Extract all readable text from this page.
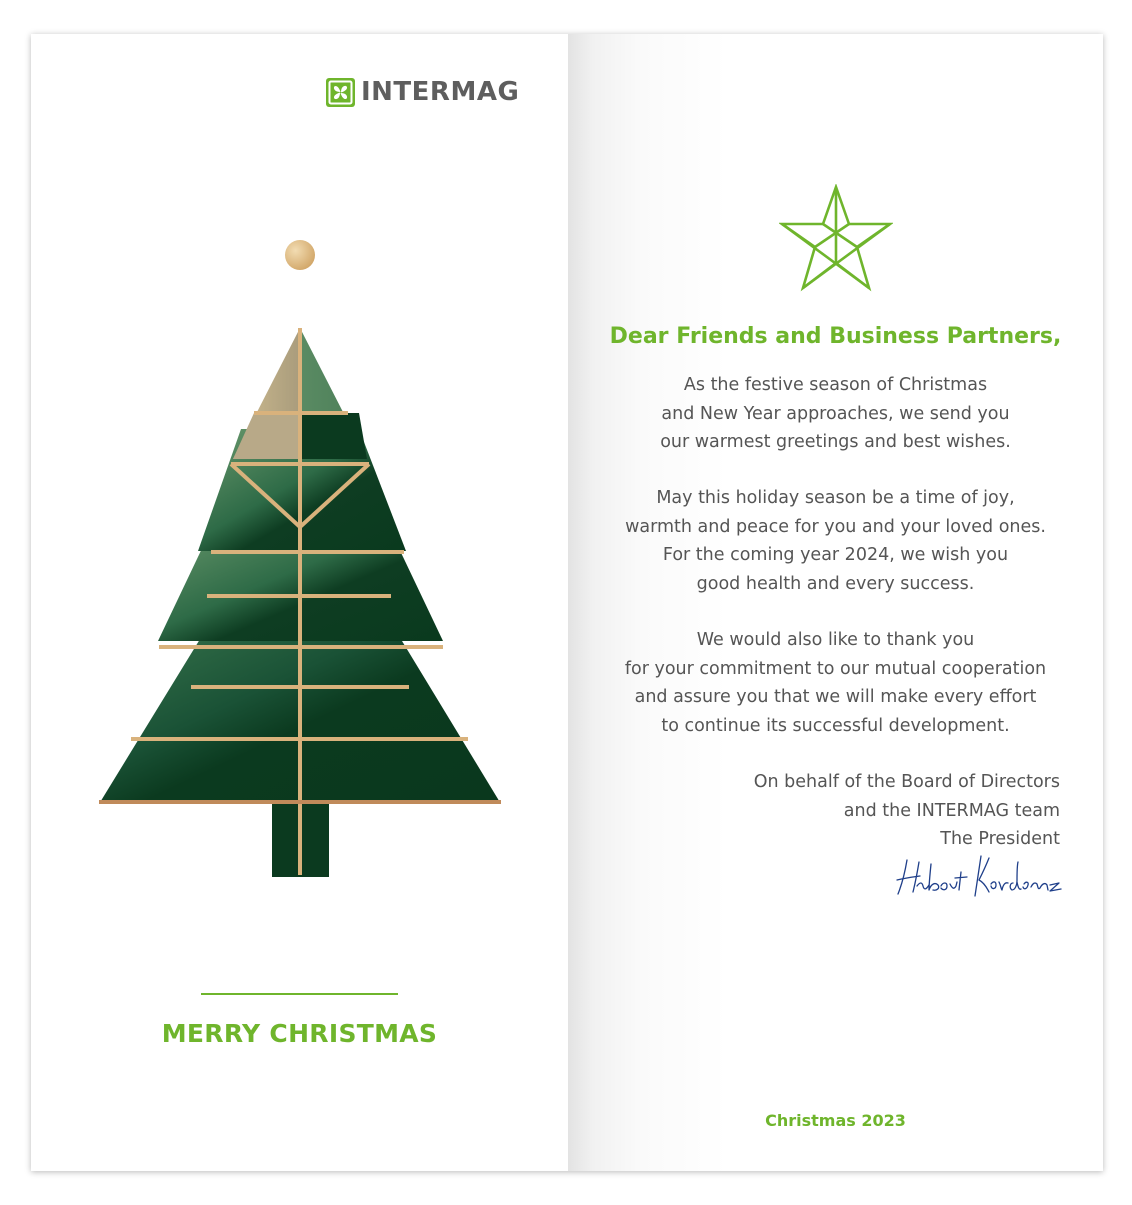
INTERMAG
MERRY CHRISTMAS
Dear Friends and Business Partners,
As the festive season of Christmas
and New Year approaches, we send you
our warmest greetings and best wishes.
May this holiday season be a time of joy,
warmth and peace for you and your loved ones.
For the coming year 2024, we wish you
good health and every success.
We would also like to thank you
for your commitment to our mutual cooperation
and assure you that we will make every effort
to continue its successful development.
On behalf of the Board of Directors
and the INTERMAG team
The President
Christmas 2023
